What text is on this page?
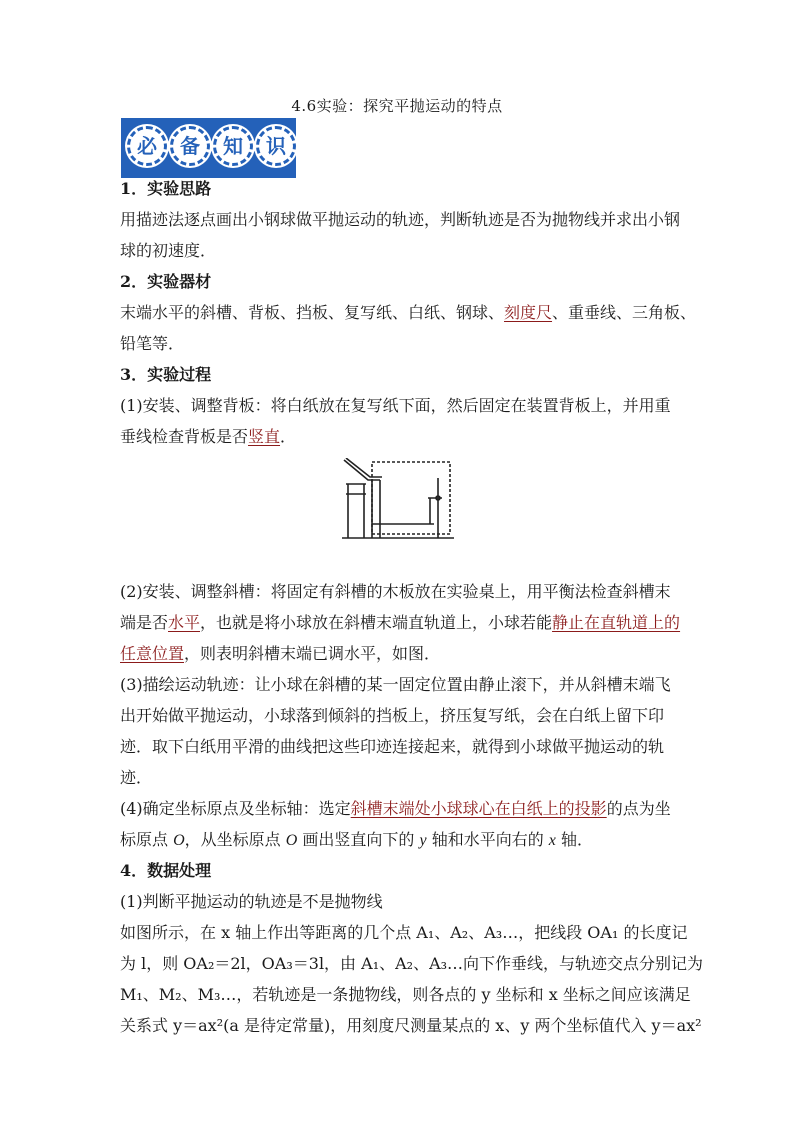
4.6实验：探究平抛运动的特点
必	备	知	识
1．实验思路
用描迹法逐点画出小钢球做平抛运动的轨迹，判断轨迹是否为抛物线并求出小钢
球的初速度．
2．实验器材
末端水平的斜槽、背板、挡板、复写纸、白纸、钢球、刻度尺、重垂线、三角板、
铅笔等．
3．实验过程
(1)安装、调整背板：将白纸放在复写纸下面，然后固定在装置背板上，并用重
垂线检查背板是否竖直．
(2)安装、调整斜槽：将固定有斜槽的木板放在实验桌上，用平衡法检查斜槽末
端是否水平，也就是将小球放在斜槽末端直轨道上，小球若能静止在直轨道上的
任意位置，则表明斜槽末端已调水平，如图．
(3)描绘运动轨迹：让小球在斜槽的某一固定位置由静止滚下，并从斜槽末端飞
出开始做平抛运动，小球落到倾斜的挡板上，挤压复写纸，会在白纸上留下印
迹．取下白纸用平滑的曲线把这些印迹连接起来，就得到小球做平抛运动的轨
迹．
(4)确定坐标原点及坐标轴：选定斜槽末端处小球球心在白纸上的投影的点为坐
标原点 O，从坐标原点 O 画出竖直向下的 y 轴和水平向右的 x 轴．
4．数据处理
(1)判断平抛运动的轨迹是不是抛物线
如图所示，在 x 轴上作出等距离的几个点 A₁、A₂、A₃…，把线段 OA₁ 的长度记
为 l，则 OA₂＝2l，OA₃＝3l，由 A₁、A₂、A₃…向下作垂线，与轨迹交点分别记为
M₁、M₂、M₃…，若轨迹是一条抛物线，则各点的 y 坐标和 x 坐标之间应该满足
关系式 y＝ax²(a 是待定常量)，用刻度尺测量某点的 x、y 两个坐标值代入 y＝ax²
